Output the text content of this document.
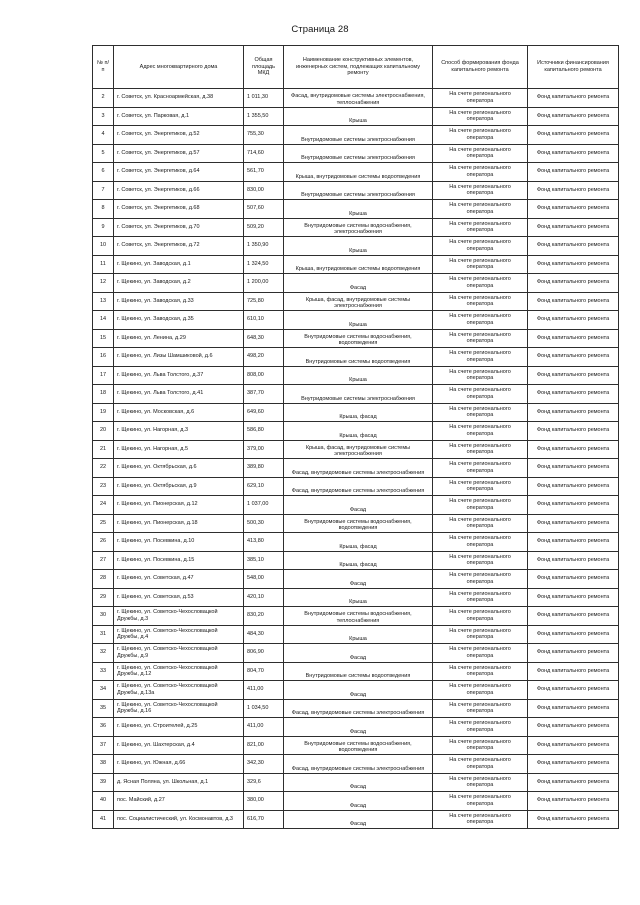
Страница 28
№ п/п	Адрес многоквартирного дома	Общая площадь МКД	Наименование конструктивных элементов, инженерных систем, подлежащих капитальному ремонту	Способ формирования фонда капитального ремонта	Источники финансирования капитального ремонта
2	г. Советск, ул. Красноармейская, д.38	1 011,30	Фасад, внутридомовые системы электроснабжения, теплоснабжения	На счете регионального оператора	Фонд капитального ремонта
3	г. Советск, ул. Парковая, д.1	1 355,50	Крыша	На счете регионального оператора	Фонд капитального ремонта
4	г. Советск, ул. Энергетиков, д.52	755,30	Внутридомовые системы электроснабжения	На счете регионального оператора	Фонд капитального ремонта
5	г. Советск, ул. Энергетиков, д.57	714,60	Внутридомовые системы электроснабжения	На счете регионального оператора	Фонд капитального ремонта
6	г. Советск, ул. Энергетиков, д.64	561,70	Крыша, внутридомовые системы водоотведения	На счете регионального оператора	Фонд капитального ремонта
7	г. Советск, ул. Энергетиков, д.66	830,00	Внутридомовые системы электроснабжения	На счете регионального оператора	Фонд капитального ремонта
8	г. Советск, ул. Энергетиков, д.68	507,60	Крыша	На счете регионального оператора	Фонд капитального ремонта
9	г. Советск, ул. Энергетиков, д.70	509,20	Внутридомовые системы водоснабжения, электроснабжения	На счете регионального оператора	Фонд капитального ремонта
10	г. Советск, ул. Энергетиков, д.72	1 350,90	Крыша	На счете регионального оператора	Фонд капитального ремонта
11	г. Щекино, ул. Заводская, д.1	1 324,50	Крыша, внутридомовые системы водоотведения	На счете регионального оператора	Фонд капитального ремонта
12	г. Щекино, ул. Заводская, д.2	1 200,00	Фасад	На счете регионального оператора	Фонд капитального ремонта
13	г. Щекино, ул. Заводская, д.33	725,80	Крыша, фасад, внутридомовые системы электроснабжения	На счете регионального оператора	Фонд капитального ремонта
14	г. Щекино, ул. Заводская, д.35	610,10	Крыша	На счете регионального оператора	Фонд капитального ремонта
15	г. Щекино, ул. Ленина, д.29	648,30	Внутридомовые системы водоснабжения, водоотведения	На счете регионального оператора	Фонд капитального ремонта
16	г. Щекино, ул. Лизы Шамшиковой, д.6	498,20	Внутридомовые системы водоотведения	На счете регионального оператора	Фонд капитального ремонта
17	г. Щекино, ул. Льва Толстого, д.37	808,00	Крыша	На счете регионального оператора	Фонд капитального ремонта
18	г. Щекино, ул. Льва Толстого, д.41	387,70	Внутридомовые системы электроснабжения	На счете регионального оператора	Фонд капитального ремонта
19	г. Щекино, ул. Московская, д.6	649,60	Крыша, фасад	На счете регионального оператора	Фонд капитального ремонта
20	г. Щекино, ул. Нагорная, д.3	586,80	Крыша, фасад	На счете регионального оператора	Фонд капитального ремонта
21	г. Щекино, ул. Нагорная, д.5	379,00	Крыша, фасад, внутридомовые системы электроснабжения	На счете регионального оператора	Фонд капитального ремонта
22	г. Щекино, ул. Октябрьская, д.6	389,80	Фасад, внутридомовые системы электроснабжения	На счете регионального оператора	Фонд капитального ремонта
23	г. Щекино, ул. Октябрьская, д.9	629,10	Фасад, внутридомовые системы электроснабжения	На счете регионального оператора	Фонд капитального ремонта
24	г. Щекино, ул. Пионерская, д.12	1 037,00	Фасад	На счете регионального оператора	Фонд капитального ремонта
25	г. Щекино, ул. Пионерская, д.18	500,30	Внутридомовые системы водоснабжения, водоотведения	На счете регионального оператора	Фонд капитального ремонта
26	г. Щекино, ул. Посевкина, д.10	413,80	Крыша, фасад	На счете регионального оператора	Фонд капитального ремонта
27	г. Щекино, ул. Посевкина, д.15	385,10	Крыша, фасад	На счете регионального оператора	Фонд капитального ремонта
28	г. Щекино, ул. Советская, д.47	548,00	Фасад	На счете регионального оператора	Фонд капитального ремонта
29	г. Щекино, ул. Советская, д.53	420,10	Крыша	На счете регионального оператора	Фонд капитального ремонта
30	г. Щекино, ул. Советско-Чехословацкой Дружбы, д.3	830,20	Внутридомовые системы водоснабжения, теплоснабжения	На счете регионального оператора	Фонд капитального ремонта
31	г. Щекино, ул. Советско-Чехословацкой Дружбы, д.4	484,30	Крыша	На счете регионального оператора	Фонд капитального ремонта
32	г. Щекино, ул. Советско-Чехословацкой Дружбы, д.9	806,90	Фасад	На счете регионального оператора	Фонд капитального ремонта
33	г. Щекино, ул. Советско-Чехословацкой Дружбы, д.12	804,70	Внутридомовые системы водоотведения	На счете регионального оператора	Фонд капитального ремонта
34	г. Щекино, ул. Советско-Чехословацкой Дружбы, д.13а	411,00	Фасад	На счете регионального оператора	Фонд капитального ремонта
35	г. Щекино, ул. Советско-Чехословацкой Дружбы, д.16	1 034,50	Фасад, внутридомовые системы электроснабжения	На счете регионального оператора	Фонд капитального ремонта
36	г. Щекино, ул. Строителей, д.25	411,00	Фасад	На счете регионального оператора	Фонд капитального ремонта
37	г. Щекино, ул. Шахтерская, д.4	821,00	Внутридомовые системы водоснабжения, водоотведения	На счете регионального оператора	Фонд капитального ремонта
38	г. Щекино, ул. Южная, д.66	342,30	Фасад, внутридомовые системы электроснабжения	На счете регионального оператора	Фонд капитального ремонта
39	д. Ясная Поляна, ул. Школьная, д.1	329,6	Фасад	На счете регионального оператора	Фонд капитального ремонта
40	пос. Майский, д.27	380,00	Фасад	На счете регионального оператора	Фонд капитального ремонта
41	пос. Социалистический, ул. Космонавтов, д.3	616,70	Фасад	На счете регионального оператора	Фонд капитального ремонта
